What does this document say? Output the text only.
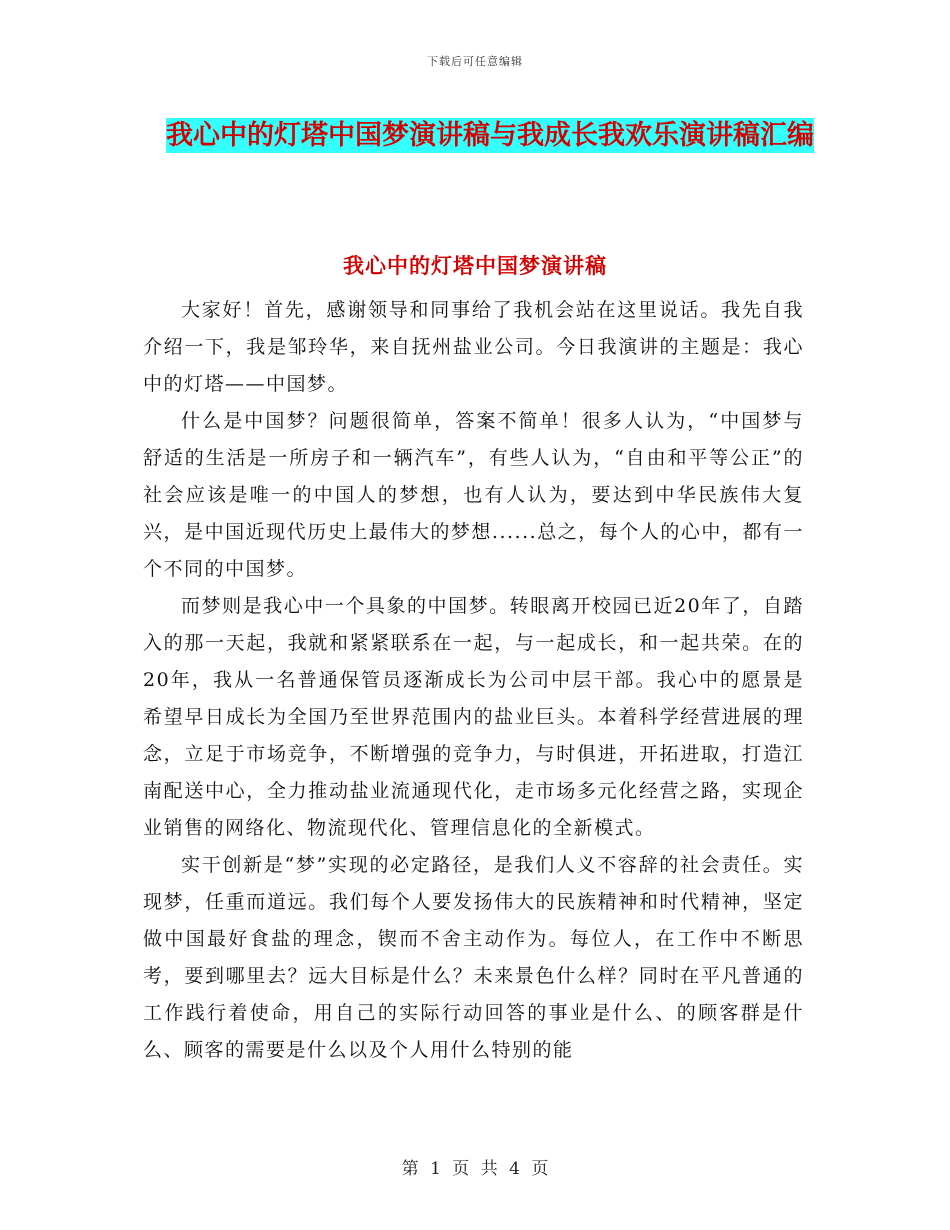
下载后可任意编辑
我心中的灯塔中国梦演讲稿与我成长我欢乐演讲稿汇编
我心中的灯塔中国梦演讲稿

大家好！首先，感谢领导和同事给了我机会站在这里说话。我先自我介绍一下，我是邹玲华，来自抚州盐业公司。今日我演讲的主题是：我心中的灯塔——中国梦。

什么是中国梦？问题很简单，答案不简单！很多人认为，“中国梦与舒适的生活是一所房子和一辆汽车”，有些人认为，“自由和平等公正”的社会应该是唯一的中国人的梦想，也有人认为，要达到中华民族伟大复兴，是中国近现代历史上最伟大的梦想......总之，每个人的心中，都有一个不同的中国梦。

而梦则是我心中一个具象的中国梦。转眼离开校园已近20年了，自踏入的那一天起，我就和紧紧联系在一起，与一起成长，和一起共荣。在的20年，我从一名普通保管员逐渐成长为公司中层干部。我心中的愿景是希望早日成长为全国乃至世界范围内的盐业巨头。本着科学经营进展的理念，立足于市场竞争，不断增强的竞争力，与时俱进，开拓进取，打造江南配送中心，全力推动盐业流通现代化，走市场多元化经营之路，实现企业销售的网络化、物流现代化、管理信息化的全新模式。

实干创新是“梦”实现的必定路径，是我们人义不容辞的社会责任。实现梦，任重而道远。我们每个人要发扬伟大的民族精神和时代精神，坚定做中国最好食盐的理念，锲而不舍主动作为。每位人，在工作中不断思考，要到哪里去？远大目标是什么？未来景色什么样？同时在平凡普通的工作践行着使命，用自己的实际行动回答的事业是什么、的顾客群是什么、顾客的需要是什么以及个人用什么特别的能

第 1 页 共 4 页
